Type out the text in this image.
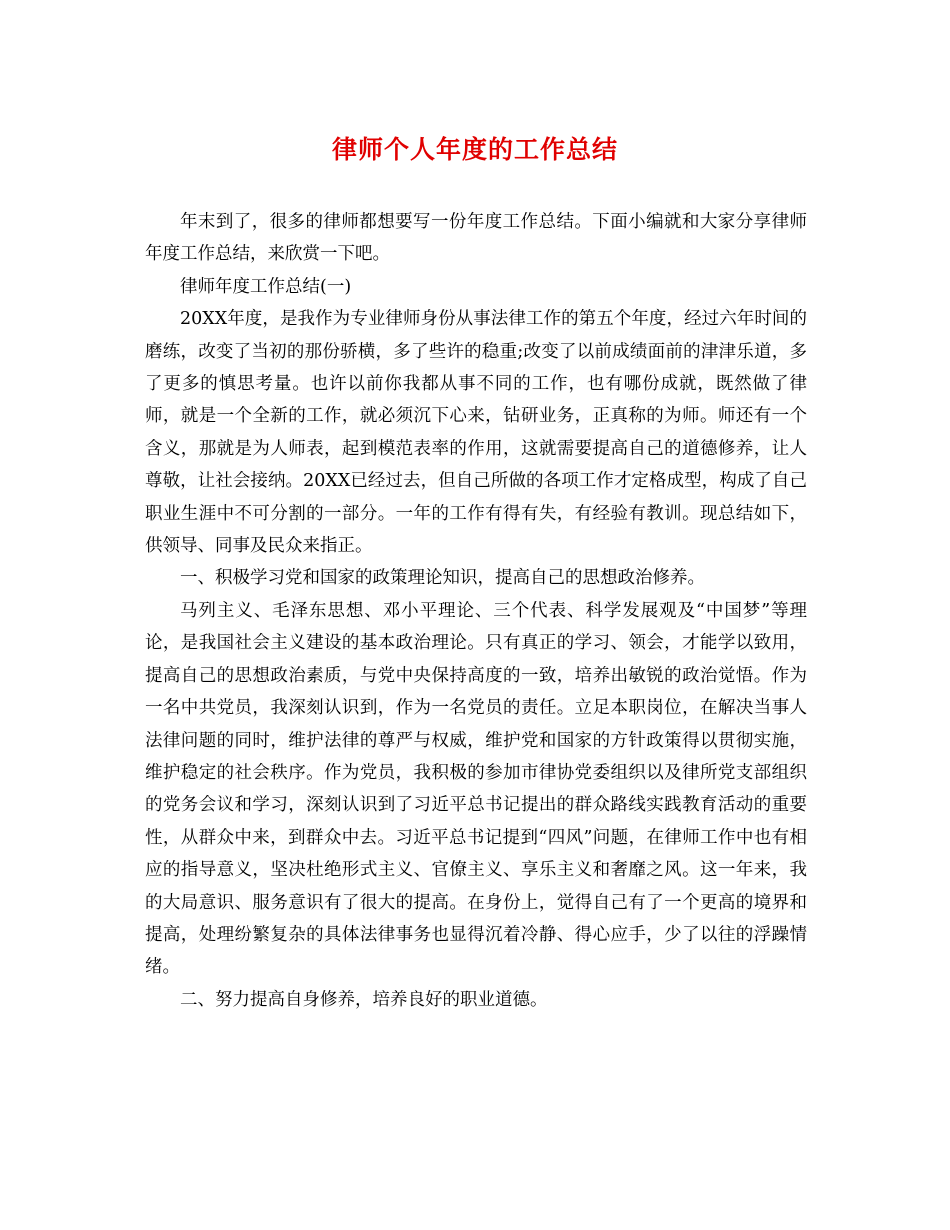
律师个人年度的工作总结

年末到了，很多的律师都想要写一份年度工作总结。下面小编就和大家分享律师年度工作总结，来欣赏一下吧。

律师年度工作总结(一)

20XX年度，是我作为专业律师身份从事法律工作的第五个年度，经过六年时间的磨练，改变了当初的那份骄横，多了些许的稳重;改变了以前成绩面前的津津乐道，多了更多的慎思考量。也许以前你我都从事不同的工作，也有哪份成就，既然做了律师，就是一个全新的工作，就必须沉下心来，钻研业务，正真称的为师。师还有一个含义，那就是为人师表，起到模范表率的作用，这就需要提高自己的道德修养，让人尊敬，让社会接纳。20XX已经过去，但自己所做的各项工作才定格成型，构成了自己职业生涯中不可分割的一部分。一年的工作有得有失，有经验有教训。现总结如下，供领导、同事及民众来指正。

一、积极学习党和国家的政策理论知识，提高自己的思想政治修养。

马列主义、毛泽东思想、邓小平理论、三个代表、科学发展观及“中国梦”等理论，是我国社会主义建设的基本政治理论。只有真正的学习、领会，才能学以致用，提高自己的思想政治素质，与党中央保持高度的一致，培养出敏锐的政治觉悟。作为一名中共党员，我深刻认识到，作为一名党员的责任。立足本职岗位，在解决当事人法律问题的同时，维护法律的尊严与权威，维护党和国家的方针政策得以贯彻实施，维护稳定的社会秩序。作为党员，我积极的参加市律协党委组织以及律所党支部组织的党务会议和学习，深刻认识到了习近平总书记提出的群众路线实践教育活动的重要性，从群众中来，到群众中去。习近平总书记提到“四风”问题，在律师工作中也有相应的指导意义，坚决杜绝形式主义、官僚主义、享乐主义和奢靡之风。这一年来，我的大局意识、服务意识有了很大的提高。在身份上，觉得自己有了一个更高的境界和提高，处理纷繁复杂的具体法律事务也显得沉着冷静、得心应手，少了以往的浮躁情绪。

二、努力提高自身修养，培养良好的职业道德。
